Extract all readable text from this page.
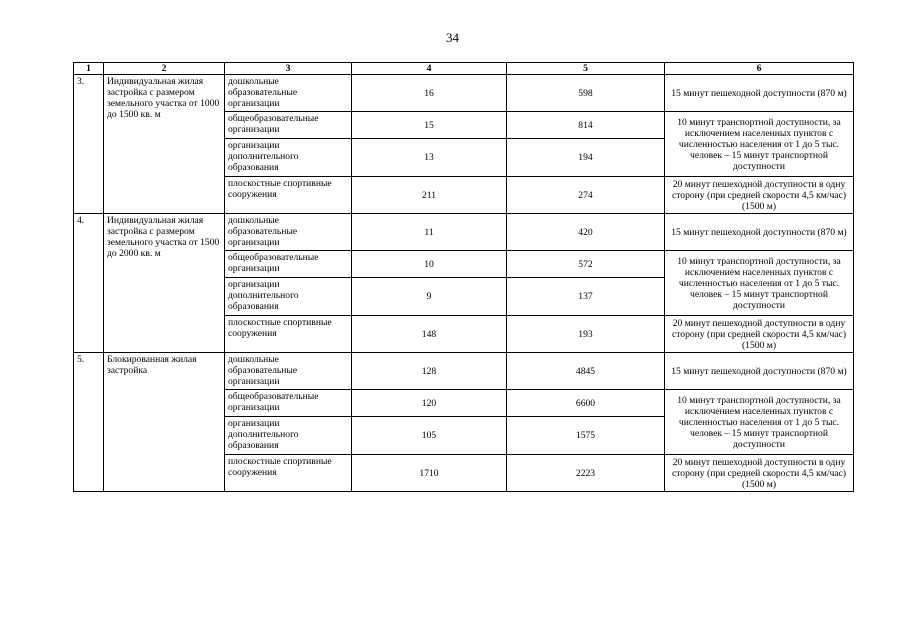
34
1	2	3	4	5	6
3.	Индивидуальная жилая застройка с размером земельного участка от 1000 до 1500 кв. м	дошкольные образовательные организации	16	598	15 минут пешеходной доступности (870 м)
		общеобразовательные организации	15	814	10 минут транспортной доступности, за исключением населенных пунктов с численностью населения от 1 до 5 тыс. человек – 15 минут транспортной доступности
		организации дополнительного образования	13	194	
		плоскостные спортивные сооружения	211	274	20 минут пешеходной доступности в одну сторону (при средней скорости 4,5 км/час) (1500 м)
4.	Индивидуальная жилая застройка с размером земельного участка от 1500 до 2000 кв. м	дошкольные образовательные организации	11	420	15 минут пешеходной доступности (870 м)
		общеобразовательные организации	10	572	10 минут транспортной доступности, за исключением населенных пунктов с численностью населения от 1 до 5 тыс. человек – 15 минут транспортной доступности
		организации дополнительного образования	9	137	
		плоскостные спортивные сооружения	148	193	20 минут пешеходной доступности в одну сторону (при средней скорости 4,5 км/час) (1500 м)
5.	Блокированная жилая застройка	дошкольные образовательные организации	128	4845	15 минут пешеходной доступности (870 м)
		общеобразовательные организации	120	6600	10 минут транспортной доступности, за исключением населенных пунктов с численностью населения от 1 до 5 тыс. человек – 15 минут транспортной доступности
		организации дополнительного образования	105	1575	
		плоскостные спортивные сооружения	1710	2223	20 минут пешеходной доступности в одну сторону (при средней скорости 4,5 км/час) (1500 м)
